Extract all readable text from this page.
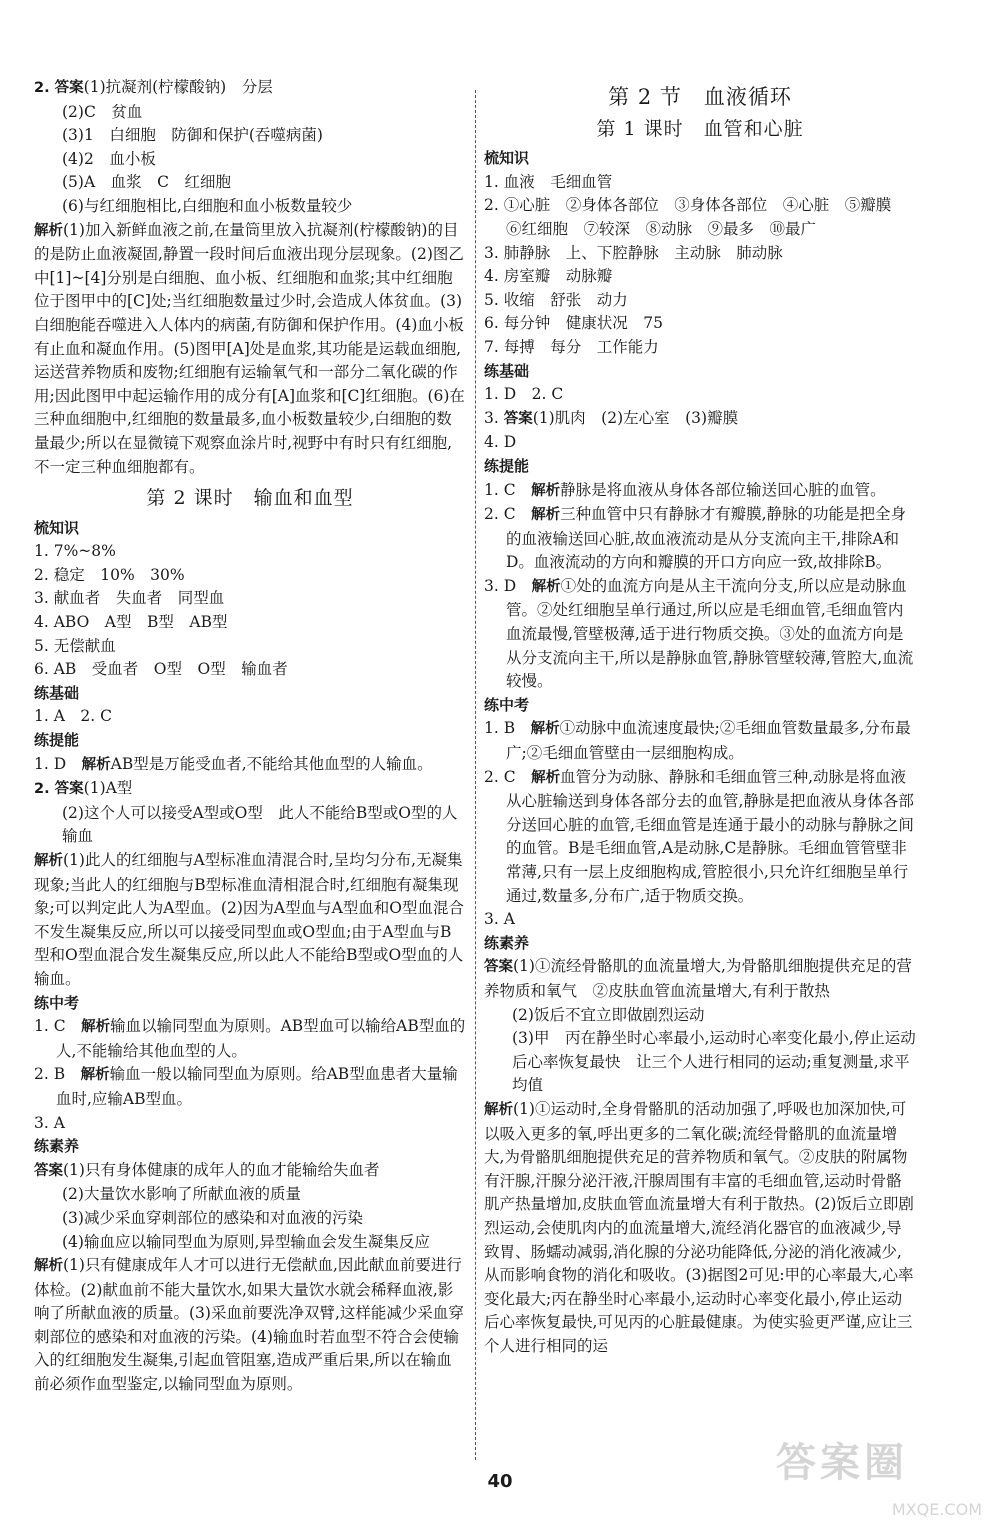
2. 答案(1)抗凝剂(柠檬酸钠)　分层
(2)C　贫血
(3)1　白细胞　防御和保护(吞噬病菌)
(4)2　血小板
(5)A　血浆　C　红细胞
(6)与红细胞相比,白细胞和血小板数量较少
解析(1)加入新鲜血液之前,在量筒里放入抗凝剂(柠檬酸钠)的目的是防止血液凝固,静置一段时间后血液出现分层现象。(2)图乙中[1]~[4]分别是白细胞、血小板、红细胞和血浆;其中红细胞位于图甲中的[C]处;当红细胞数量过少时,会造成人体贫血。(3)白细胞能吞噬进入人体内的病菌,有防御和保护作用。(4)血小板有止血和凝血作用。(5)图甲[A]处是血浆,其功能是运载血细胞,运送营养物质和废物;红细胞有运输氧气和一部分二氧化碳的作用;因此图甲中起运输作用的成分有[A]血浆和[C]红细胞。(6)在三种血细胞中,红细胞的数量最多,血小板数量较少,白细胞的数量最少;所以在显微镜下观察血涂片时,视野中有时只有红细胞,不一定三种血细胞都有。
第 2 课时　输血和血型
梳知识
1. 7%~8%
2. 稳定　10%　30%
3. 献血者　失血者　同型血
4. ABO　A型　B型　AB型
5. 无偿献血
6. AB　受血者　O型　O型　输血者
练基础
1. A　2. C
练提能
1. D　解析AB型是万能受血者,不能给其他血型的人输血。
2. 答案(1)A型
(2)这个人可以接受A型或O型　此人不能给B型或O型的人输血
解析(1)此人的红细胞与A型标准血清混合时,呈均匀分布,无凝集现象;当此人的红细胞与B型标准血清相混合时,红细胞有凝集现象;可以判定此人为A型血。(2)因为A型血与A型血和O型血混合不发生凝集反应,所以可以接受同型血或O型血;由于A型血与B型和O型血混合发生凝集反应,所以此人不能给B型或O型血的人输血。
练中考
1. C　解析输血以输同型血为原则。AB型血可以输给AB型血的人,不能输给其他血型的人。
2. B　解析输血一般以输同型血为原则。给AB型血患者大量输血时,应输AB型血。
3. A
练素养
答案(1)只有身体健康的成年人的血才能输给失血者
(2)大量饮水影响了所献血液的质量
(3)减少采血穿刺部位的感染和对血液的污染
(4)输血应以输同型血为原则,异型输血会发生凝集反应
解析(1)只有健康成年人才可以进行无偿献血,因此献血前要进行体检。(2)献血前不能大量饮水,如果大量饮水就会稀释血液,影响了所献血液的质量。(3)采血前要洗净双臂,这样能减少采血穿刺部位的感染和对血液的污染。(4)输血时若血型不符合会使输入的红细胞发生凝集,引起血管阻塞,造成严重后果,所以在输血前必须作血型鉴定,以输同型血为原则。
第 2 节　血液循环
第 1 课时　血管和心脏
梳知识
1. 血液　毛细血管
2. ①心脏　②身体各部位　③身体各部位　④心脏　⑤瓣膜　⑥红细胞　⑦较深　⑧动脉　⑨最多　⑩最广
3. 肺静脉　上、下腔静脉　主动脉　肺动脉
4. 房室瓣　动脉瓣
5. 收缩　舒张　动力
6. 每分钟　健康状况　75
7. 每搏　每分　工作能力
练基础
1. D　2. C
3. 答案(1)肌肉　(2)左心室　(3)瓣膜
4. D
练提能
1. C　解析静脉是将血液从身体各部位输送回心脏的血管。
2. C　解析三种血管中只有静脉才有瓣膜,静脉的功能是把全身的血液输送回心脏,故血液流动是从分支流向主干,排除A和D。血液流动的方向和瓣膜的开口方向应一致,故排除B。
3. D　解析①处的血流方向是从主干流向分支,所以应是动脉血管。②处红细胞呈单行通过,所以应是毛细血管,毛细血管内血流最慢,管壁极薄,适于进行物质交换。③处的血流方向是从分支流向主干,所以是静脉血管,静脉管壁较薄,管腔大,血流较慢。
练中考
1. B　解析①动脉中血流速度最快;②毛细血管数量最多,分布最广;②毛细血管壁由一层细胞构成。
2. C　解析血管分为动脉、静脉和毛细血管三种,动脉是将血液从心脏输送到身体各部分去的血管,静脉是把血液从身体各部分送回心脏的血管,毛细血管是连通于最小的动脉与静脉之间的血管。B是毛细血管,A是动脉,C是静脉。毛细血管管壁非常薄,只有一层上皮细胞构成,管腔很小,只允许红细胞呈单行通过,数量多,分布广,适于物质交换。
3. A
练素养
答案(1)①流经骨骼肌的血流量增大,为骨骼肌细胞提供充足的营养物质和氧气　②皮肤血管血流量增大,有利于散热
(2)饭后不宜立即做剧烈运动
(3)甲　丙在静坐时心率最小,运动时心率变化最小,停止运动后心率恢复最快　让三个人进行相同的运动;重复测量,求平均值
解析(1)①运动时,全身骨骼肌的活动加强了,呼吸也加深加快,可以吸入更多的氧,呼出更多的二氧化碳;流经骨骼肌的血流量增大,为骨骼肌细胞提供充足的营养物质和氧气。②皮肤的附属物有汗腺,汗腺分泌汗液,汗腺周围有丰富的毛细血管,运动时骨骼肌产热量增加,皮肤血管血流量增大有利于散热。(2)饭后立即剧烈运动,会使肌肉内的血流量增大,流经消化器官的血液减少,导致胃、肠蠕动减弱,消化腺的分泌功能降低,分泌的消化液减少,从而影响食物的消化和吸收。(3)据图2可见:甲的心率最大,心率变化最大;丙在静坐时心率最小,运动时心率变化最小,停止运动后心率恢复最快,可见丙的心脏最健康。为使实验更严谨,应让三个人进行相同的运
40	答案圈
MXQE.COM
